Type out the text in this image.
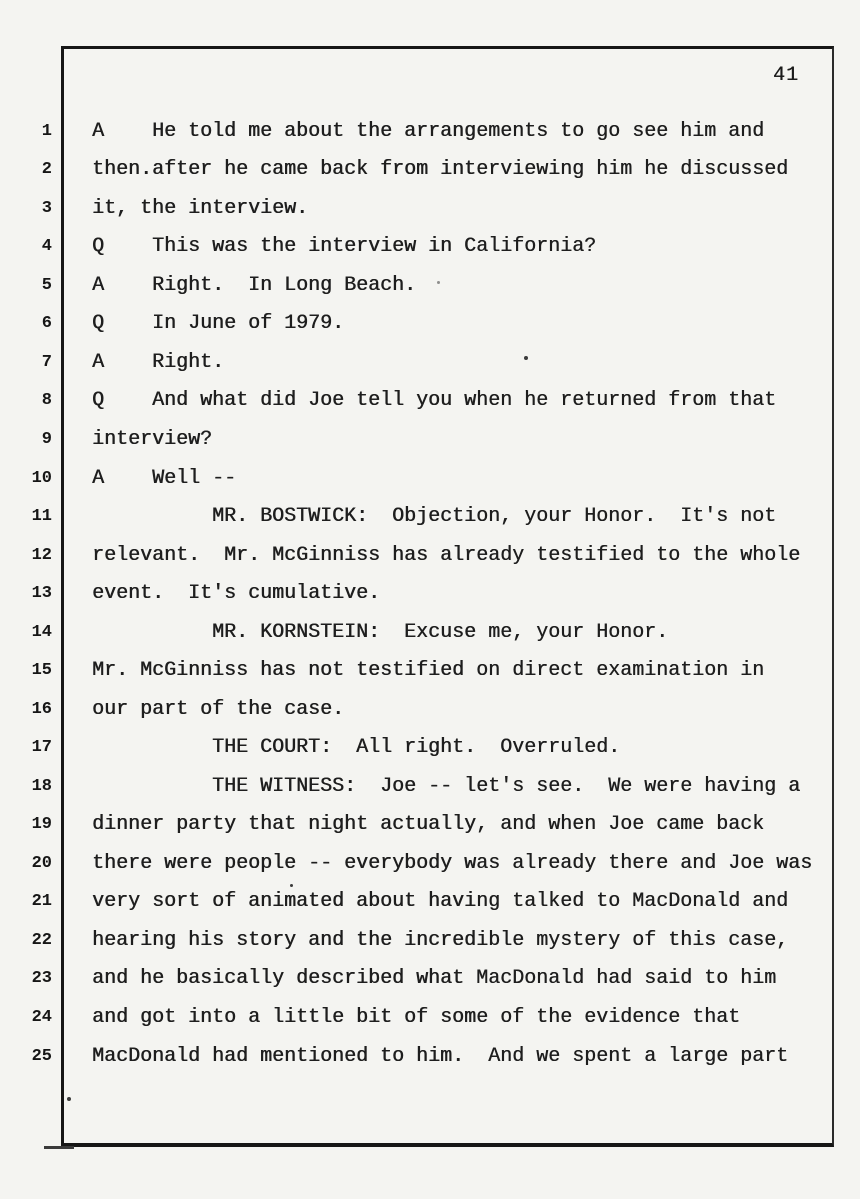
41
1	A    He told me about the arrangements to go see him and
2	then.after he came back from interviewing him he discussed
3	it, the interview.
4	Q    This was the interview in California?
5	A    Right.  In Long Beach.
6	Q    In June of 1979.
7	A    Right.
8	Q    And what did Joe tell you when he returned from that
9	interview?
10	A    Well --
11	MR. BOSTWICK:  Objection, your Honor.  It's not
12	relevant.  Mr. McGinniss has already testified to the whole
13	event.  It's cumulative.
14	MR. KORNSTEIN:  Excuse me, your Honor.
15	Mr. McGinniss has not testified on direct examination in
16	our part of the case.
17	THE COURT:  All right.  Overruled.
18	THE WITNESS:  Joe -- let's see.  We were having a
19	dinner party that night actually, and when Joe came back
20	there were people -- everybody was already there and Joe was
21	very sort of animated about having talked to MacDonald and
22	hearing his story and the incredible mystery of this case,
23	and he basically described what MacDonald had said to him
24	and got into a little bit of some of the evidence that
25	MacDonald had mentioned to him.  And we spent a large part
